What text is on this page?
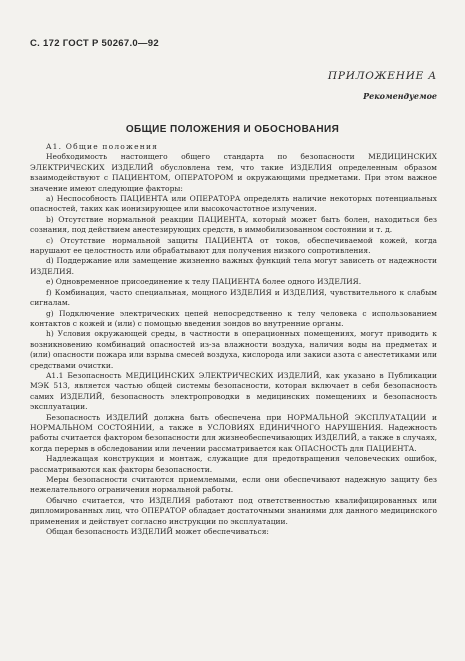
С. 172 ГОСТ Р 50267.0—92
ПРИЛОЖЕНИЕ А
Рекомендуемое
ОБЩИЕ ПОЛОЖЕНИЯ И ОБОСНОВАНИЯ

A1. Общие положения

Необходимость настоящего общего стандарта по безопасности МЕДИЦИНСКИХ ЭЛЕКТРИЧЕСКИХ ИЗДЕЛИЙ обусловлена тем, что такие ИЗДЕЛИЯ определенным образом взаимодействуют с ПАЦИЕНТОМ, ОПЕРАТОРОМ и окружающими предметами. При этом важное значение имеют следующие факторы:

а) Неспособность ПАЦИЕНТА или ОПЕРАТОРА определять наличие некоторых потенциальных опасностей, таких как ионизирующее или высокочастотное излучения.

b) Отсутствие нормальной реакции ПАЦИЕНТА, который может быть болен, находиться без сознания, под действием анестезирующих средств, в иммобилизованном состоянии и т. д.

c) Отсутствие нормальной защиты ПАЦИЕНТА от токов, обеспечиваемой кожей, когда нарушают ее целостность или обрабатывают для получения низкого сопротивления.

d) Поддержание или замещение жизненно важных функций тела могут зависеть от надежности ИЗДЕЛИЯ.

e) Одновременное присоединение к телу ПАЦИЕНТА более одного ИЗДЕЛИЯ.

f) Комбинация, часто специальная, мощного ИЗДЕЛИЯ и ИЗДЕЛИЯ, чувствительного к слабым сигналам.

g) Подключение электрических цепей непосредственно к телу человека с использованием контактов с кожей и (или) с помощью введения зондов во внутренние органы.

h) Условия окружающей среды, в частности в операционных помещениях, могут приводить к возникновению комбинаций опасностей из-за влажности воздуха, наличия воды на предметах и (или) опасности пожара или взрыва смесей воздуха, кислорода или закиси азота с анестетиками или средствами очистки.

A1.1 Безопасность МЕДИЦИНСКИХ ЭЛЕКТРИЧЕСКИХ ИЗДЕЛИЙ, как указано в Публикации МЭК 513, является частью общей системы безопасности, которая включает в себя безопасность самих ИЗДЕЛИЙ, безопасность электропроводки в медицинских помещениях и безопасность эксплуатации.

Безопасность ИЗДЕЛИЙ должна быть обеспечена при НОРМАЛЬНОЙ ЭКСПЛУАТАЦИИ и НОРМАЛЬНОМ СОСТОЯНИИ, а также в УСЛОВИЯХ ЕДИНИЧНОГО НАРУШЕНИЯ. Надежность работы считается фактором безопасности для жизнеобеспечивающих ИЗДЕЛИЙ, а также в случаях, когда перерыв в обследовании или лечении рассматривается как ОПАСНОСТЬ для ПАЦИЕНТА.

Надлежащая конструкция и монтаж, служащие для предотвращения человеческих ошибок, рассматриваются как факторы безопасности.

Меры безопасности считаются приемлемыми, если они обеспечивают надежную защиту без нежелательного ограничения нормальной работы.

Обычно считается, что ИЗДЕЛИЯ работают под ответственностью квалифицированных или дипломированных лиц, что ОПЕРАТОР обладает достаточными знаниями для данного медицинского применения и действует согласно инструкции по эксплуатации.

Общая безопасность ИЗДЕЛИЙ может обеспечиваться:
